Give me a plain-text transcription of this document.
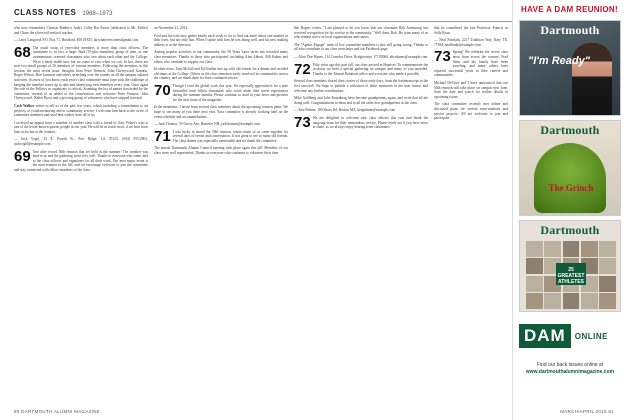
CLASS NOTES 1968–1973
who now remembers Chrissie Rabbit-o Judy's Colby Bar Faster (dedicated to Mr. Esther) and Chase the silver-tail seafood cracker.
— Larry Langford, P.O. Box 71, Bradford, MA 01835, lar.whatevercomeszlgmail.com
68 The usual swap of year-class members is more than class officers. The committee is, in fact, a large, fluid (19-plus members) group of men, as one commentator, oriented classmates who care about each other and the College. We're a fairly stable unit, but we come to visit when we can. In fact, there are now two small groups of 20 members of veteran members. Following the members in this session, the most recent issue, thoughts from Peter Vermeis, John Cherrywood Gannon, Roger Wilson, Bart Jameson and others stretching over the rounds on all the campus cultural activities. As most of you know, each year's class committee must cope with the challenge of keeping the member roster up to date and identifying new members every year. Once again the role of the Fellows as organizers is critical. Scanning the list of names forwarded by the committee, several of us added to the conversation and welcome Peter Vermeis, John Cherrywood, Walter Rossi and a growing group of volunteers who have stepped forward.
Cash Walker writes to tell us of the past few years, which including a commitment to art projects, to youth mentoring and to community service. I welcome him back to the circle of committee members and send best wishes from all of us.
I received an appeal from a member of another class with a friend of Gary Fisher's who is one of the lesser-known quieter people in our year. He will be in touch soon, if we hear from him, as he has at the reunion.
— Jack Vogel, 23 E. Fourth St., Port Ridge, LA 70125, (504) 555-2801, jackvogel@example.com
69 One after record 50th reunion that we held in the summer. The weather was kind to us and the gathering went very well. Thanks to everyone who came, and to the class officers and organizers for all their work. Our next major event is the mini-reunion in the fall, and we encourage everyone to join the committee and stay connected with fellow members of the class.
on November 21, 2014.
Fred and his wife now gather nearly each week to try to find out more about one another in their lives, but not only that. When I spoke with him he was doing well, and his new mailing address is in the directory.
Among popular activities in our community, the 50 Years Later series has recorded many class memories. Thanks to those who participated, including Alan Abbott, Bill Kuhns and others who continue to support our class.
In other news, Tom McGill and Ed Gaither met up with old friends for a dinner and recalled old times at the College. Others in the class remain actively involved in communities across the country, and we thank them for their continued service.
70 Though I read the global work this year, I'm especially appreciative for a note forwarded from fellow classmates who wrote about their travel experiences during the summer months. Please continue to send in your news and pictures for the next issue of the magazine.
In the meantime, I heard from several class members about the upcoming reunion plans. We hope to see many of you there next year. Your committee is already working hard on the event schedule and accommodations.
— Jack Thomas, 50 Grove Ave, Hanover NH, jackthomas@example.com
71 I was lucky to attend the 50th reunion, where many of us came together for several days of events and conversation. It was great to see so many old friends. The class dinner was especially memorable and we thank the committee.
The annual Dartmouth Alumni Council meeting took place again this fall. Members of our class were well represented. Thanks to everyone who continues to volunteer their time.
Jim Rogers writes, "I am pleased to let you know that our classmate Bob Armstrong has received recognition for his service to the community." Well done, Bob. He joins many of us who remain active in local organizations and causes.
The "Agents Engage" team of five committee members is also still going strong. Thanks to all who contribute to our class newsletter and our Facebook page.
— Alice Doe Hanes, 114 Corridor Drive, Bridgewater, VT 05060, alicehanes@example.com
72 Fifty years ago this past fall, our class arrived in Hanover. To commemorate the occasion we held a special gathering on campus and many of you attended. Thanks to the Alumni Relations office and everyone who made it possible.
Several class members shared their stories of those early days, from the freshman trips to the first snowfall. We hope to publish a collection of these memories in the near future, and welcome any further contributions.
Mike Goldberg and Julie Rosenberg have become grandparents again, and write that all are doing well. Congratulations to them and to all the other new grandparents in the class.
— Ken Palmer, 100 Shore Rd, Boston MA, kenpalmer@example.com
73 We are delighted to welcome new class officers this year and thank the outgoing team for their tremendous service. Please reach out if you have news to share, as we always enjoy hearing from classmates.
that he considered the late Professor Francis as Sally Ryan.
— Neal Frankiln, 2217 Tradition Way, Katy TX, 77494, nealfrank@example.com
73 Spring! We celebrate the recent class news from across the country. Fred Stern and his family have been traveling, and many others have reported successful years in their careers and communities.
Michael DeVries and I have announced that our 50th reunion will take place on campus next June. Save the date and watch for further details in upcoming issues.
The class committee recently met online and discussed plans for several mini-reunions and service projects. All are welcome to join and participate.
HAVE A DAM REUNION!
Dartmouth
"I'm Ready"
Dartmouth
The Grinch
Dartmouth
25 GREATEST ATHLETES
DAM	ONLINE
Find our back issues online at
www.dartmouthalumnimagazine.com
80 DARTMOUTH ALUMNI MAGAZINE	MARCH/APRIL 2015 81
